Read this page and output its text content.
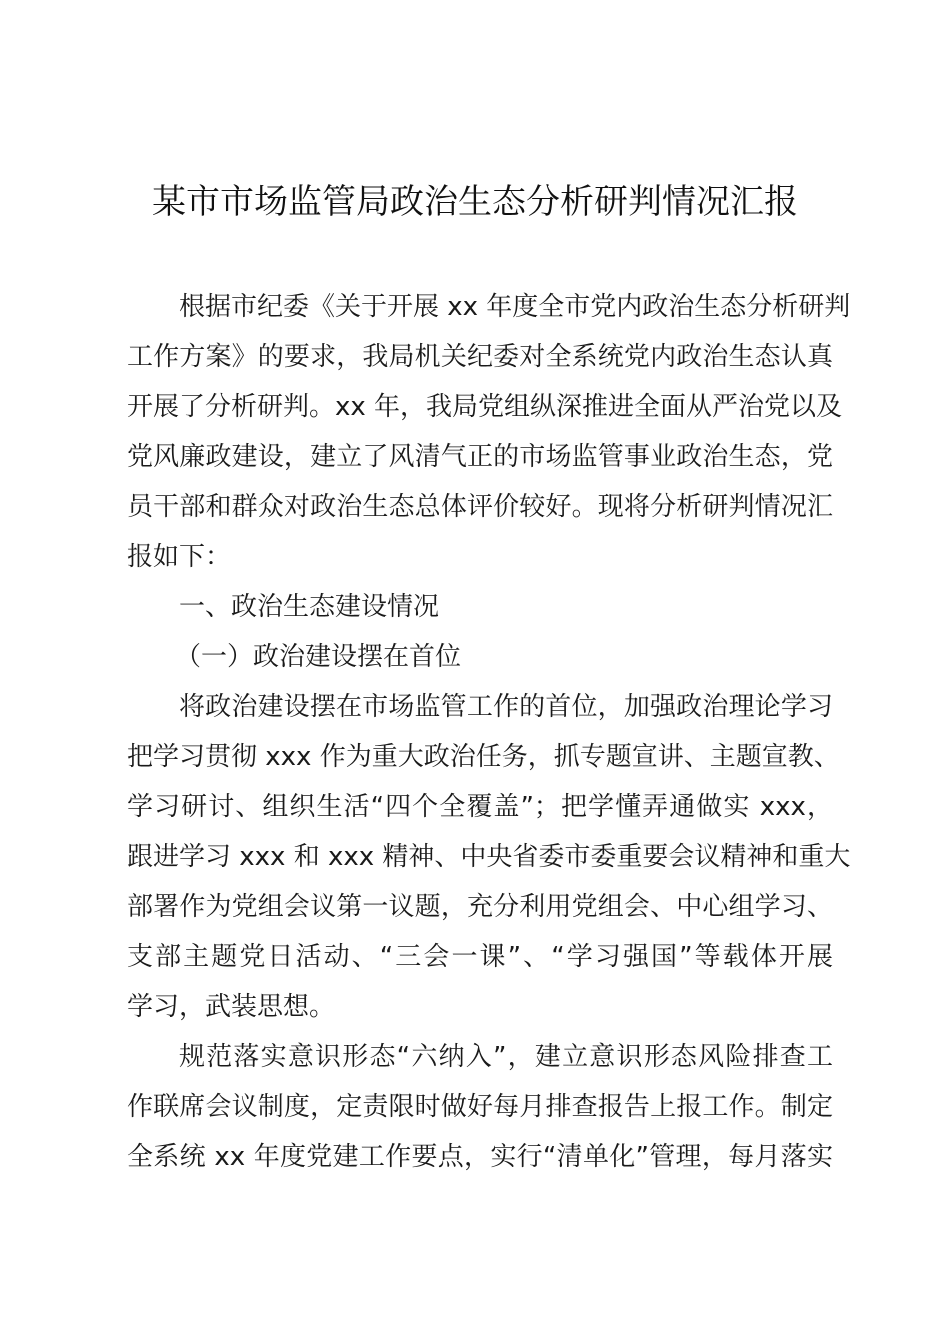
某市市场监管局政治生态分析研判情况汇报
根据市纪委《关于开展 xx 年度全市党内政治生态分析研判
工作方案》的要求，我局机关纪委对全系统党内政治生态认真
开展了分析研判。xx 年，我局党组纵深推进全面从严治党以及
党风廉政建设，建立了风清气正的市场监管事业政治生态，党
员干部和群众对政治生态总体评价较好。现将分析研判情况汇
报如下：
一、政治生态建设情况
（一）政治建设摆在首位
将政治建设摆在市场监管工作的首位，加强政治理论学习
把学习贯彻 xxx 作为重大政治任务，抓专题宣讲、主题宣教、
学习研讨、组织生活“四个全覆盖”；把学懂弄通做实 xxx，
跟进学习 xxx 和 xxx 精神、中央省委市委重要会议精神和重大
部署作为党组会议第一议题，充分利用党组会、中心组学习、
支部主题党日活动、“三会一课”、“学习强国”等载体开展
学习，武装思想。
规范落实意识形态“六纳入”，建立意识形态风险排查工
作联席会议制度，定责限时做好每月排查报告上报工作。制定
全系统 xx 年度党建工作要点，实行“清单化”管理，每月落实
